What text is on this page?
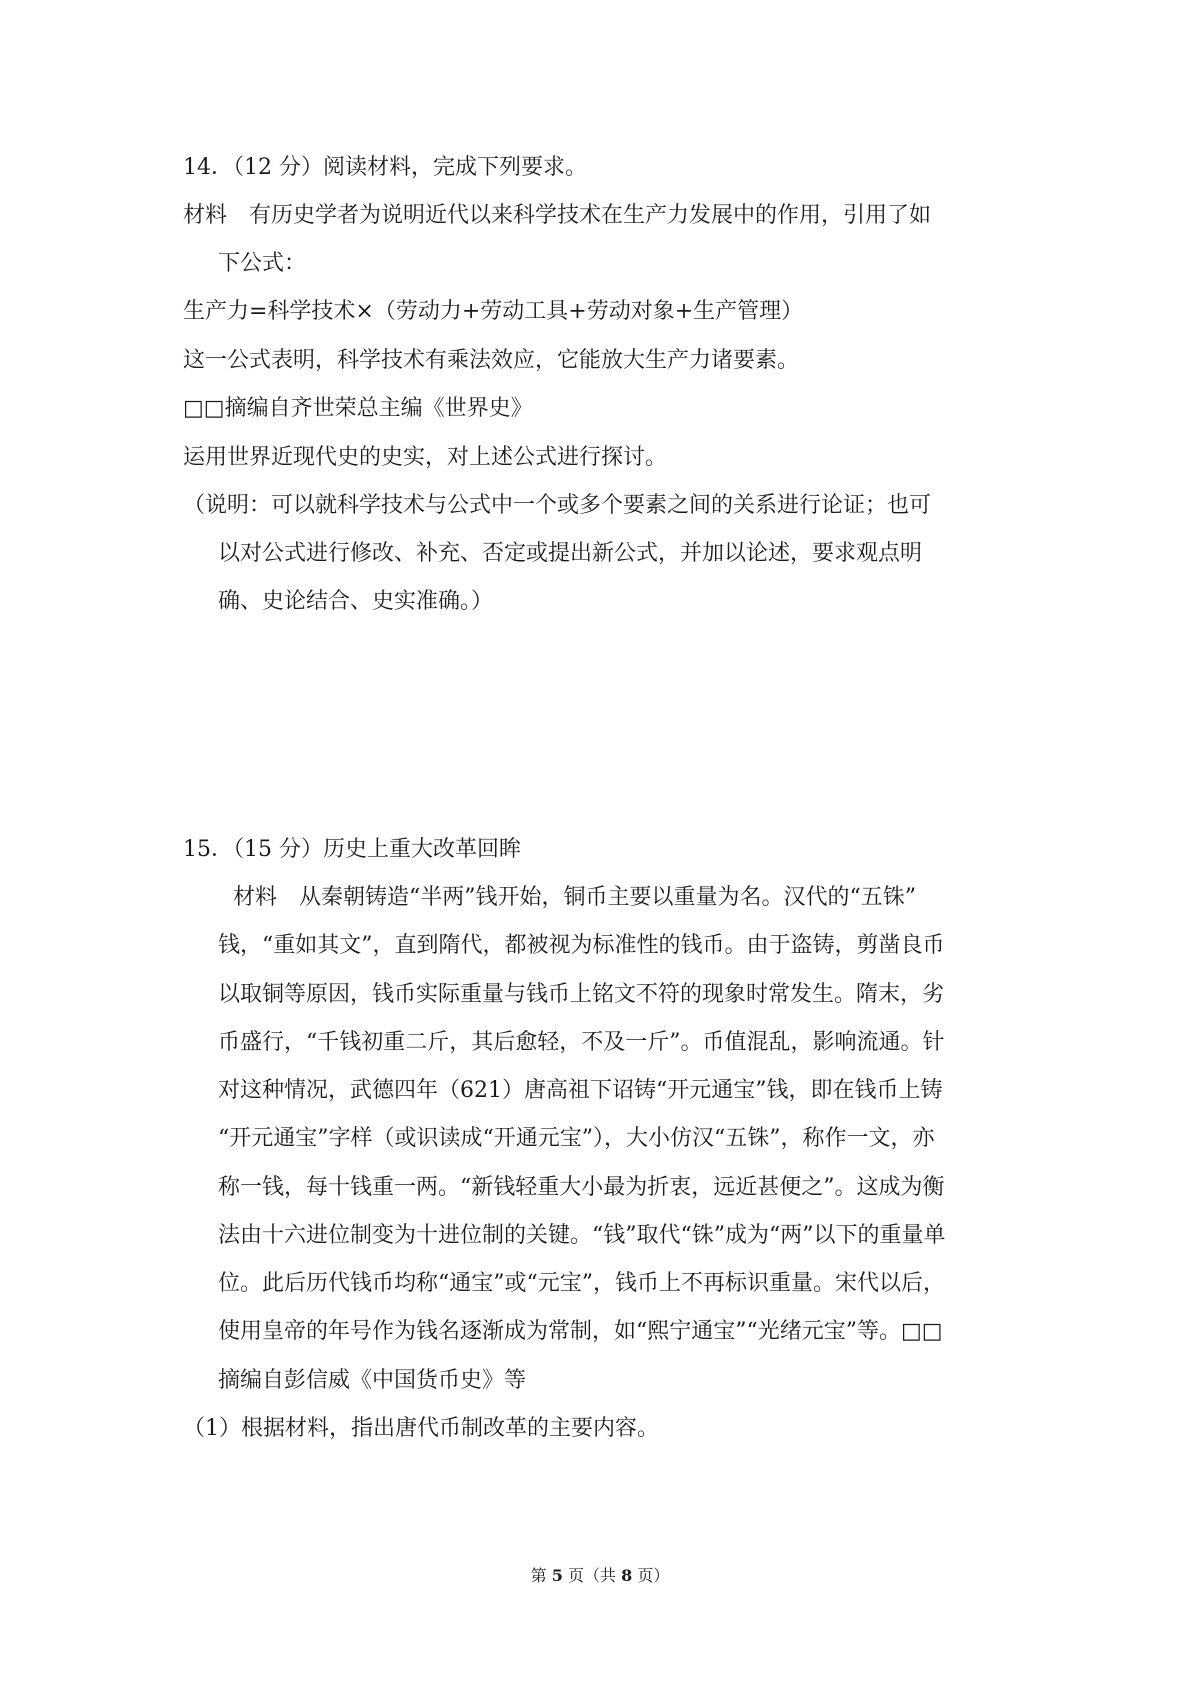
14．（12 分）阅读材料，完成下列要求。
材料　有历史学者为说明近代以来科学技术在生产力发展中的作用，引用了如
下公式：
生产力=科学技术×（劳动力+劳动工具+劳动对象+生产管理）
这一公式表明，科学技术有乘法效应，它能放大生产力诸要素。
□□摘编自齐世荣总主编《世界史》
运用世界近现代史的史实，对上述公式进行探讨。
（说明：可以就科学技术与公式中一个或多个要素之间的关系进行论证；也可
以对公式进行修改、补充、否定或提出新公式，并加以论述，要求观点明
确、史论结合、史实准确。）
15．（15 分）历史上重大改革回眸
材料　从秦朝铸造“半两”钱开始，铜币主要以重量为名。汉代的“五铢”
钱，“重如其文”，直到隋代，都被视为标准性的钱币。由于盗铸，剪凿良币
以取铜等原因，钱币实际重量与钱币上铭文不符的现象时常发生。隋末，劣
币盛行，“千钱初重二斤，其后愈轻，不及一斤”。币值混乱，影响流通。针
对这种情况，武德四年（621）唐高祖下诏铸“开元通宝”钱，即在钱币上铸
“开元通宝”字样（或识读成“开通元宝”），大小仿汉“五铢”，称作一文，亦
称一钱，每十钱重一两。“新钱轻重大小最为折衷，远近甚便之”。这成为衡
法由十六进位制变为十进位制的关键。“钱”取代“铢”成为“两”以下的重量单
位。此后历代钱币均称“通宝”或“元宝”，钱币上不再标识重量。宋代以后，
使用皇帝的年号作为钱名逐渐成为常制，如“熙宁通宝”“光绪元宝”等。□□
摘编自彭信威《中国货币史》等
（1）根据材料，指出唐代币制改革的主要内容。
第 5 页（共 8 页）
